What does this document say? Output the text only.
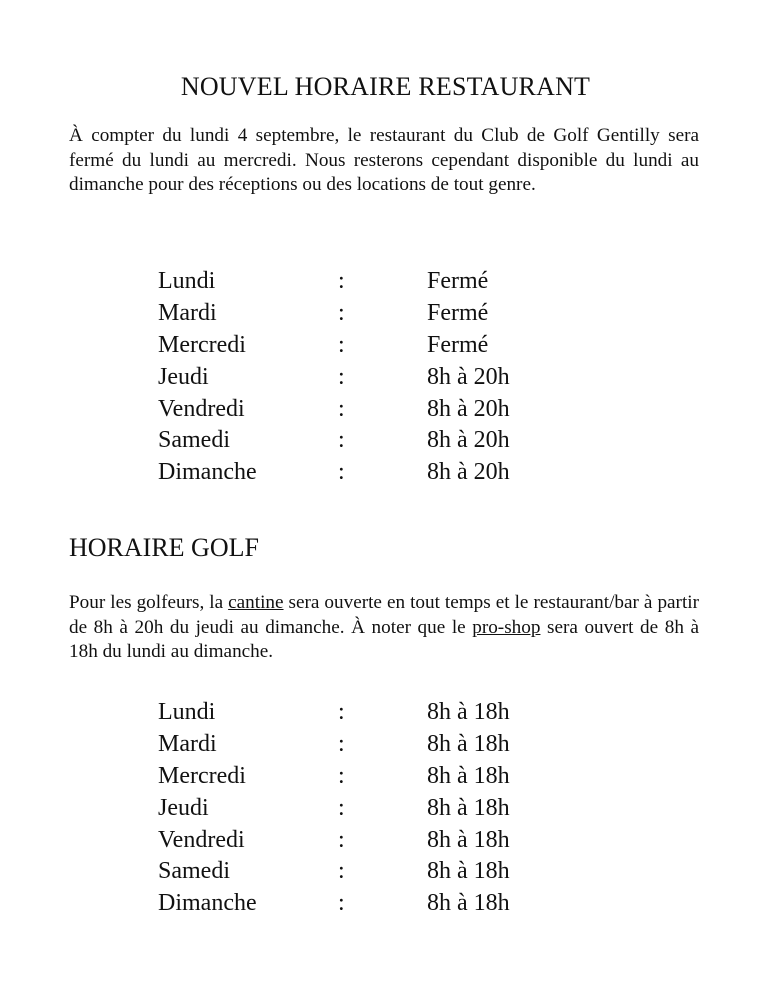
NOUVEL HORAIRE RESTAURANT

À compter du lundi 4 septembre, le restaurant du Club de Golf Gentilly sera fermé du lundi au mercredi. Nous resterons cependant disponible du lundi au dimanche pour des réceptions ou des locations de tout genre.

Lundi	:	Fermé
Mardi	:	Fermé
Mercredi	:	Fermé
Jeudi	:	8h à 20h
Vendredi	:	8h à 20h
Samedi	:	8h à 20h
Dimanche	:	8h à 20h
HORAIRE GOLF

Pour les golfeurs, la cantine sera ouverte en tout temps et le restaurant/bar à partir de 8h à 20h du jeudi au dimanche. À noter que le pro-shop sera ouvert de 8h à 18h du lundi au dimanche.

Lundi	:	8h à 18h
Mardi	:	8h à 18h
Mercredi	:	8h à 18h
Jeudi	:	8h à 18h
Vendredi	:	8h à 18h
Samedi	:	8h à 18h
Dimanche	:	8h à 18h
